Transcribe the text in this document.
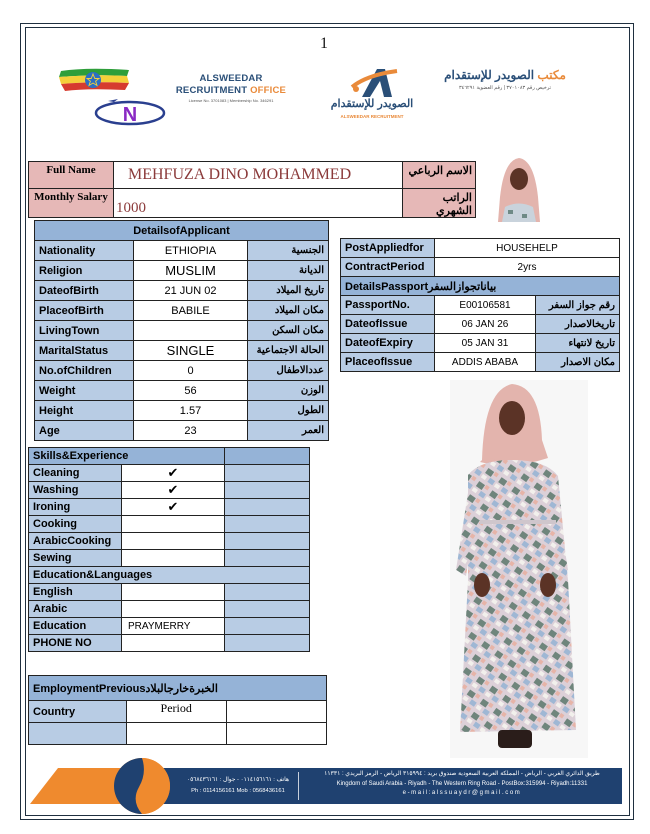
1
N
ALSWEEDAR
RECRUITMENT OFFICE
License No. 3701083 | Membership No. 346291	الصويدر للإستقدام
ALSWEEDAR RECRUITMENT
مكتب الصويدر للإستقدام
ترخيص رقم ٣٧٠١٠٨٣ | رقم العضوية ٣٤٦٢٩١
Full Name	MEHFUZA DINO MOHAMMED	الاسم الرباعي
Monthly Salary	1000	الراتب الشهري
DetailsofApplicant		
Nationality	ETHIOPIA	الجنسية
Religion	MUSLIM	الديانة
DateofBirth	21 JUN 02	تاريخ الميلاد
PlaceofBirth	BABILE	مكان الميلاد
LivingTown		مكان السكن
MaritalStatus	SINGLE	الحالة الاجتماعية
No.ofChildren	0	عددالاطفال
Weight	56	الوزن
Height	1.57	الطول
Age	23	العمر
PostAppliedfor	HOUSEHELP	
ContractPeriod	2yrs	
DetailsPassportبياناتجوازالسفر		
PassportNo.	E00106581	رقم جواز السفر
DateofIssue	06 JAN 26	تاريخالاصدار
DateofExpiry	05 JAN 31	تاريخ لانتهاء
PlaceofIssue	ADDIS ABABA	مكان الاصدار
Skills&Experience		
Cleaning	✔	
Washing	✔	
Ironing	✔	
Cooking		
ArabicCooking		
Sewing		
Education&Languages		
English		
Arabic		
Education	PRAYMERRY	
PHONE NO		
EmploymentPreviousالخبرةخارجالبلاد		
Country	Period	

هاتف : ٠١١٤١٥٦١٦١ - جوال : ٠٥٦٨٤٣٦١٦١
Ph : 0114156161 Mob : 0568436161
طريق الدائري الغربي - الرياض - المملكة العربية السعودية صندوق بريد : ٣١٥٩٩٤ الرياض - الرمز البريدي : ١١٣٣١
Kingdom of Saudi Arabia - Riyadh - The Western Ring Road - PostBox:315994 - Riyadh:11331
e-mail:alssuaydr@gmail.com
